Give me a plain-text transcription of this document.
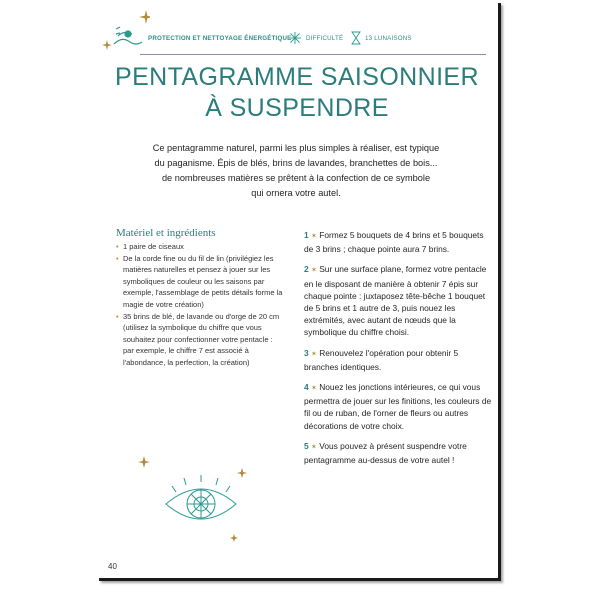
PROTECTION ET NETTOYAGE ÉNERGÉTIQUE DIFFICULTÉ	13 LUNAISONS
PENTAGRAMME SAISONNIER
À SUSPENDRE
Ce pentagramme naturel, parmi les plus simples à réaliser, est typique
du paganisme. Épis de blés, brins de lavandes, branchettes de bois...
de nombreuses matières se prêtent à la confection de ce symbole
qui ornera votre autel.
Matériel et ingrédients
• 1 paire de ciseaux
• De la corde fine ou du fil de lin (privilégiez les matières naturelles et pensez à jouer sur les symboliques de couleur ou les saisons par exemple, l'assemblage de petits détails forme la magie de votre création)
• 35 brins de blé, de lavande ou d'orge de 20 cm (utilisez la symbolique du chiffre que vous souhaitez pour confectionner votre pentacle : par exemple, le chiffre 7 est associé à l'abondance, la perfection, la création)
1 ✶ Formez 5 bouquets de 4 brins et 5 bouquets de 3 brins ; chaque pointe aura 7 brins.
2 ✶ Sur une surface plane, formez votre pentacle en le disposant de manière à obtenir 7 épis sur chaque pointe : juxtaposez tête-bêche 1 bouquet de 5 brins et 1 autre de 3, puis nouez les extrémités, avec autant de nœuds que la symbolique du chiffre choisi.
3 ✶ Renouvelez l'opération pour obtenir 5 branches identiques.
4 ✶ Nouez les jonctions intérieures, ce qui vous permettra de jouer sur les finitions, les couleurs de fil ou de ruban, de l'orner de fleurs ou autres décorations de votre choix.
5 ✶ Vous pouvez à présent suspendre votre pentagramme au-dessus de votre autel !
40
